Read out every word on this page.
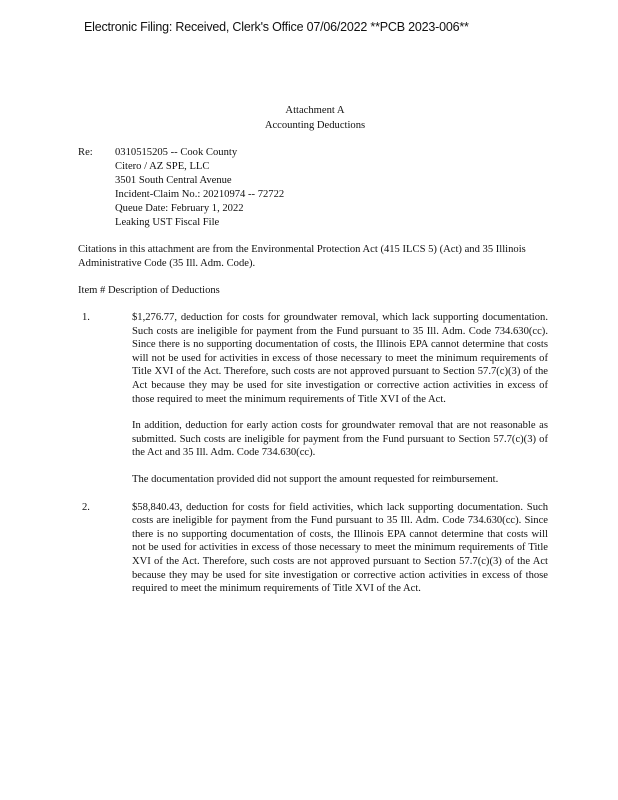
Electronic Filing: Received, Clerk's Office 07/06/2022 **PCB 2023-006**
Attachment A
Accounting Deductions
Re:	0310515205 -- Cook County
Citero / AZ SPE, LLC
3501 South Central Avenue
Incident-Claim No.: 20210974 -- 72722
Queue Date: February 1, 2022
Leaking UST Fiscal File
Citations in this attachment are from the Environmental Protection Act (415 ILCS 5) (Act) and 35 Illinois Administrative Code (35 Ill. Adm. Code).
Item # Description of Deductions
1.	$1,276.77, deduction for costs for groundwater removal, which lack supporting documentation. Such costs are ineligible for payment from the Fund pursuant to 35 Ill. Adm. Code 734.630(cc). Since there is no supporting documentation of costs, the Illinois EPA cannot determine that costs will not be used for activities in excess of those necessary to meet the minimum requirements of Title XVI of the Act. Therefore, such costs are not approved pursuant to Section 57.7(c)(3) of the Act because they may be used for site investigation or corrective action activities in excess of those required to meet the minimum requirements of Title XVI of the Act.

In addition, deduction for early action costs for groundwater removal that are not reasonable as submitted. Such costs are ineligible for payment from the Fund pursuant to Section 57.7(c)(3) of the Act and 35 Ill. Adm. Code 734.630(cc).

The documentation provided did not support the amount requested for reimbursement.

2.	$58,840.43, deduction for costs for field activities, which lack supporting documentation. Such costs are ineligible for payment from the Fund pursuant to 35 Ill. Adm. Code 734.630(cc). Since there is no supporting documentation of costs, the Illinois EPA cannot determine that costs will not be used for activities in excess of those necessary to meet the minimum requirements of Title XVI of the Act. Therefore, such costs are not approved pursuant to Section 57.7(c)(3) of the Act because they may be used for site investigation or corrective action activities in excess of those required to meet the minimum requirements of Title XVI of the Act.
